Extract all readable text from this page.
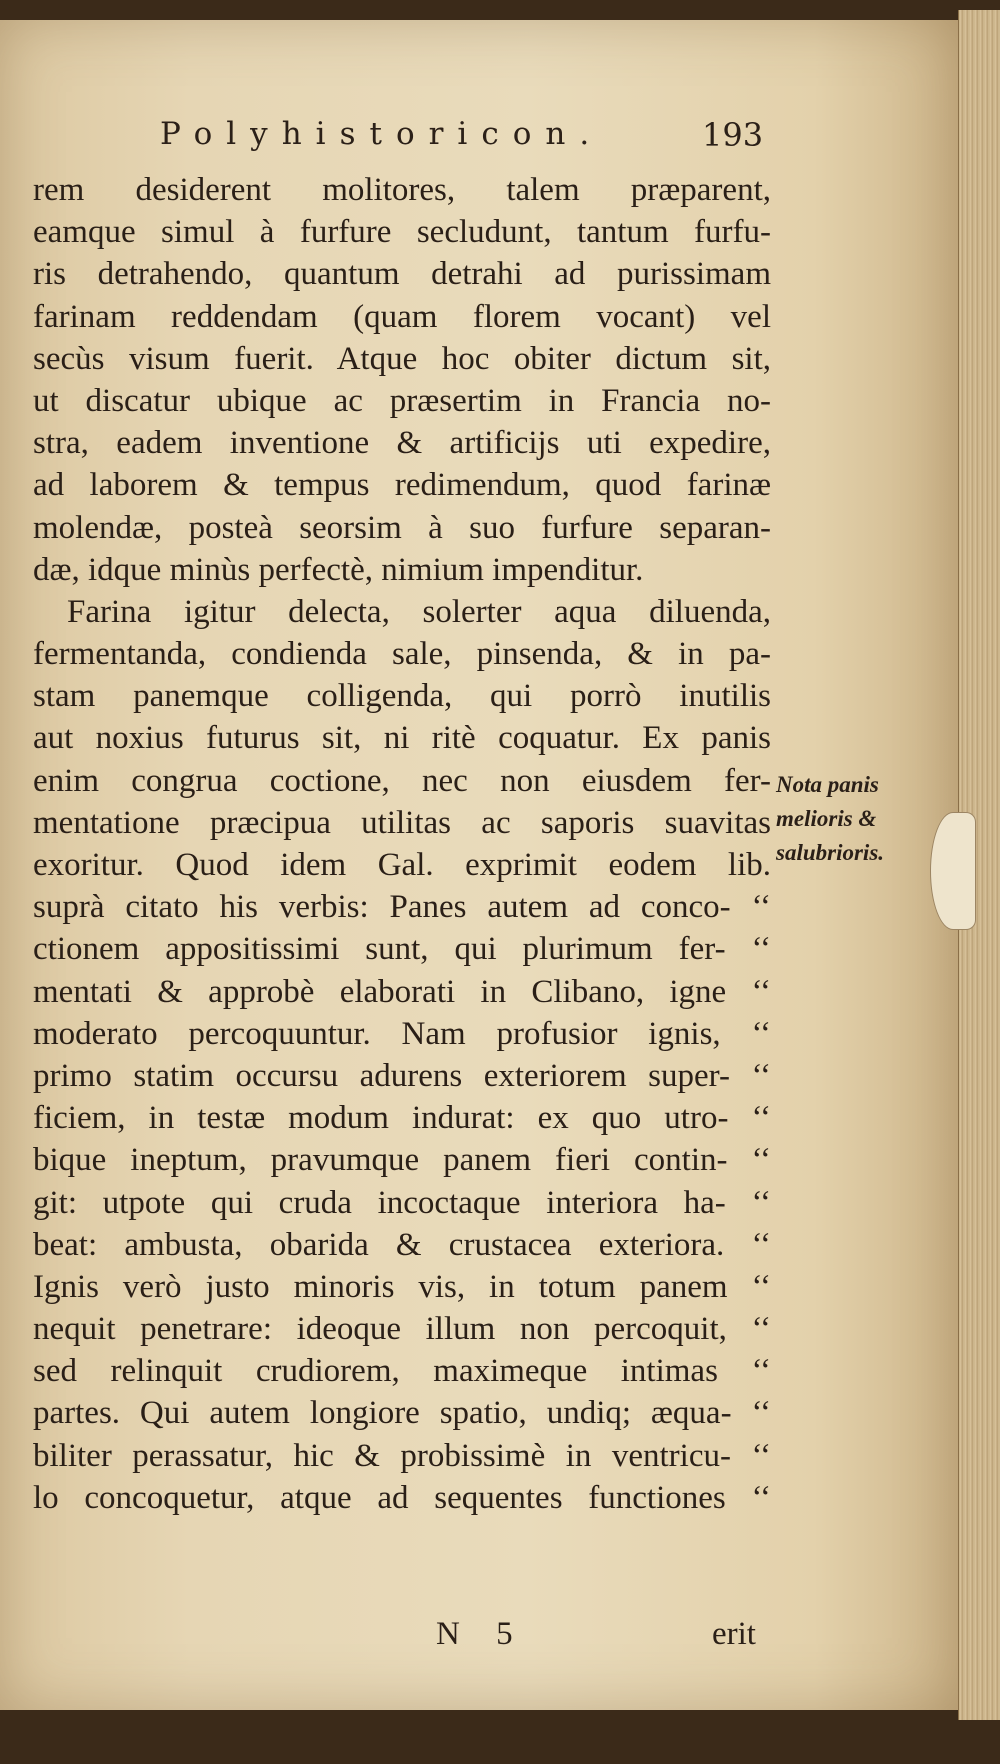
Polyhistoricon.	193
rem desiderent molitores, talem præparent,
eamque simul à furfure secludunt, tantum furfu-
ris detrahendo, quantum detrahi ad purissimam
farinam reddendam (quam florem vocant) vel
secùs visum fuerit. Atque hoc obiter dictum sit,
ut discatur ubique ac præsertim in Francia no-
stra, eadem inventione & artificijs uti expedire,
ad laborem & tempus redimendum, quod farinæ
molendæ, posteà seorsim à suo furfure separan-
dæ, idque minùs perfectè, nimium impenditur.
Farina igitur delecta, solerter aqua diluenda,
fermentanda, condienda sale, pinsenda, & in pa-
stam panemque colligenda, qui porrò inutilis
aut noxius futurus sit, ni ritè coquatur. Ex panis
enim congrua coctione, nec non eiusdem fer-
mentatione præcipua utilitas ac saporis suavitas
exoritur. Quod idem Gal. exprimit eodem lib.
suprà citato his verbis: Panes autem ad conco- ‘‘
ctionem appositissimi sunt, qui plurimum fer- ‘‘
mentati & approbè elaborati in Clibano, igne ‘‘
moderato percoquuntur. Nam profusior ignis, ‘‘
primo statim occursu adurens exteriorem super- ‘‘
ficiem, in testæ modum indurat: ex quo utro- ‘‘
bique ineptum, pravumque panem fieri contin- ‘‘
git: utpote qui cruda incoctaque interiora ha- ‘‘
beat: ambusta, obarida & crustacea exteriora. ‘‘
Ignis verò justo minoris vis, in totum panem ‘‘
nequit penetrare: ideoque illum non percoquit, ‘‘
sed relinquit crudiorem, maximeque intimas ‘‘
partes. Qui autem longiore spatio, undiq; æqua- ‘‘
biliter perassatur, hic & probissimè in ventricu- ‘‘
lo concoquetur, atque ad sequentes functiones ‘‘
Nota panis
melioris &
salubrioris.
N 5	erit
